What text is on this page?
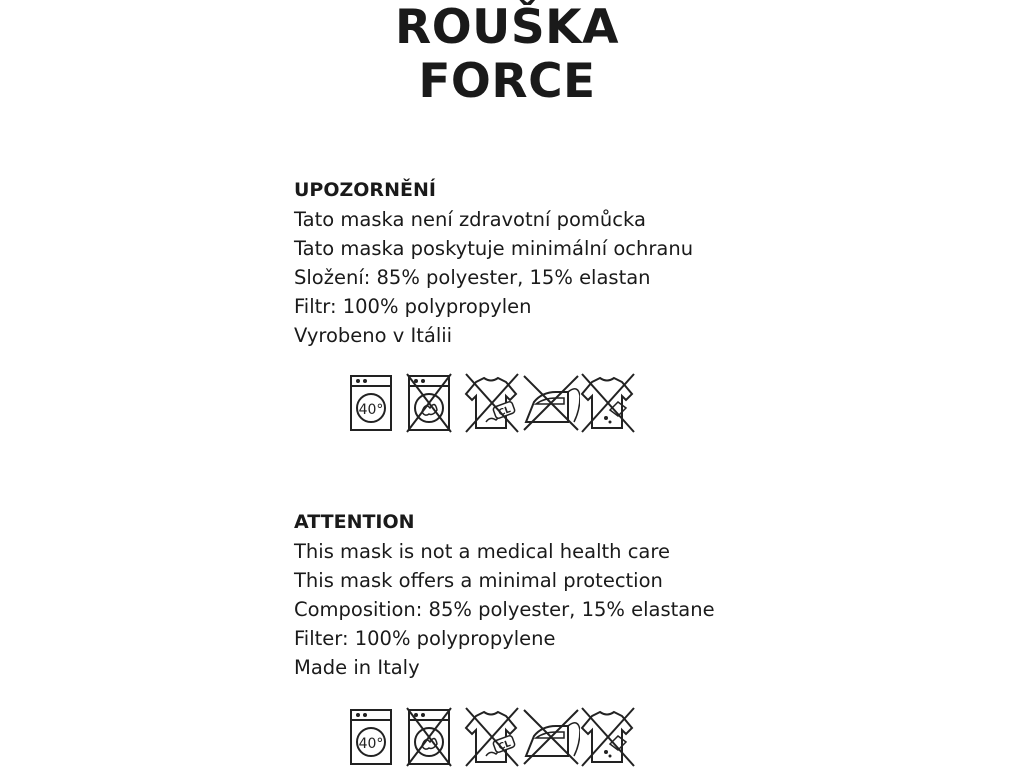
ROUŠKA
FORCE
UPOZORNĚNÍ
Tato maska není zdravotní pomůcka
Tato maska poskytuje minimální ochranu
Složení: 85% polyester, 15% elastan
Filtr: 100% polypropylen
Vyrobeno v Itálii
40°	CL
ATTENTION
This mask is not a medical health care
This mask offers a minimal protection
Composition: 85% polyester, 15% elastane
Filter: 100% polypropylene
Made in Italy
40°	CL
